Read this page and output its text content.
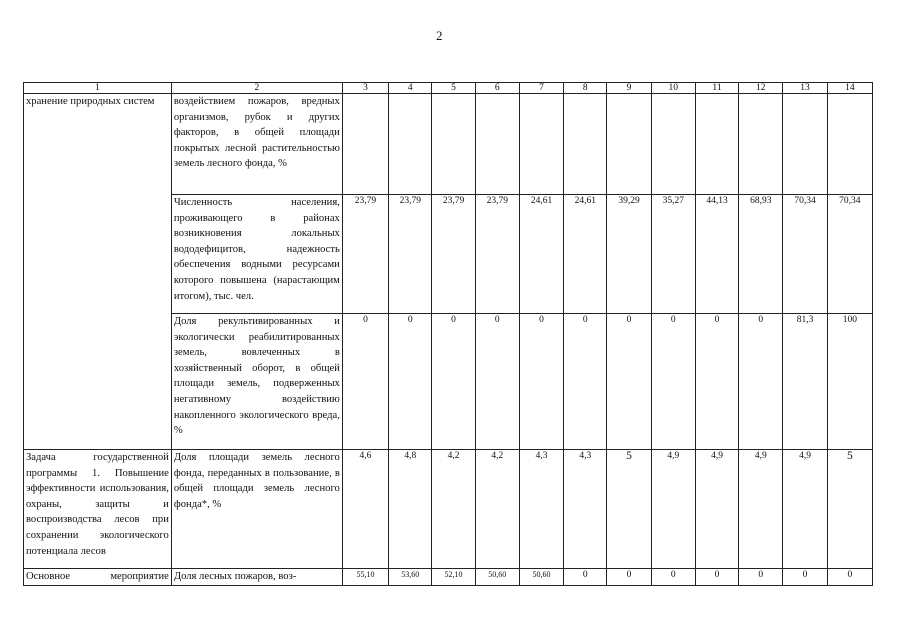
2
1	2	3	4	5	6	7	8	9	10	11	12	13	14
хранение природных систем	воздействием пожаров, вредных организмов, рубок и других факторов, в общей площади покрытых лесной растительностью земель лесного фонда, %												
	Численность населения, проживающего в районах возникновения локальных вододефицитов, надежность обеспечения водными ресурсами которого повышена (нарастающим итогом), тыс. чел.	23,79	23,79	23,79	23,79	24,61	24,61	39,29	35,27	44,13	68,93	70,34	70,34
	Доля рекультивированных и экологически реабилитированных земель, вовлеченных в хозяйственный оборот, в общей площади земель, подверженных негативному воздействию накопленного экологического вреда, %	0	0	0	0	0	0	0	0	0	0	81,3	100
Задача государственной программы 1. Повышение эффективности использования, охраны, защиты и воспроизводства лесов при сохранении экологического потенциала лесов	Доля площади земель лесного фонда, переданных в пользование, в общей площади земель лесного фонда*, %	4,6	4,8	4,2	4,2	4,3	4,3	5	4,9	4,9	4,9	4,9	5
Основное мероприятие	Доля лесных пожаров, воз-	55,10	53,60	52,10	50,60	50,60	0	0	0	0	0	0	0
